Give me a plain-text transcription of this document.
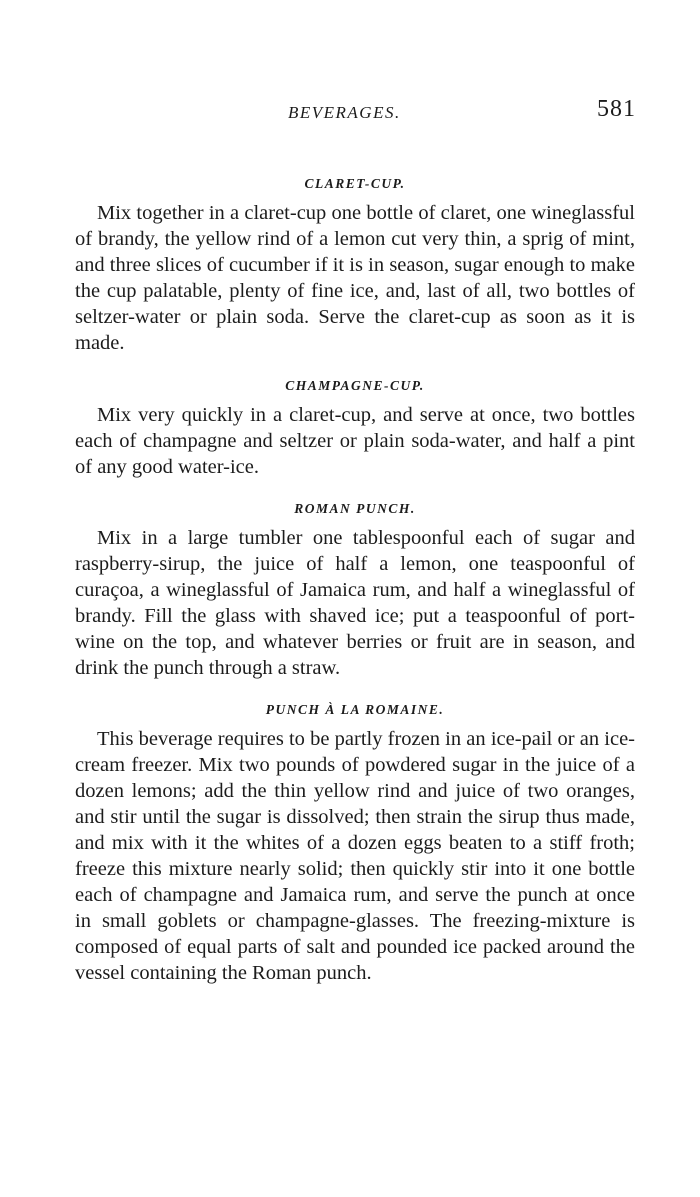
BEVERAGES.	581
CLARET-CUP.

Mix together in a claret-cup one bottle of claret, one wineglassful of brandy, the yellow rind of a lemon cut very thin, a sprig of mint, and three slices of cucumber if it is in season, sugar enough to make the cup palatable, plenty of fine ice, and, last of all, two bottles of seltzer-water or plain soda. Serve the claret-cup as soon as it is made.

CHAMPAGNE-CUP.

Mix very quickly in a claret-cup, and serve at once, two bottles each of champagne and seltzer or plain soda-water, and half a pint of any good water-ice.

ROMAN PUNCH.

Mix in a large tumbler one tablespoonful each of sugar and raspberry-sirup, the juice of half a lemon, one teaspoonful of curaçoa, a wineglassful of Jamaica rum, and half a wineglassful of brandy. Fill the glass with shaved ice; put a teaspoonful of port-wine on the top, and whatever berries or fruit are in season, and drink the punch through a straw.

PUNCH À LA ROMAINE.

This beverage requires to be partly frozen in an ice-pail or an ice-cream freezer. Mix two pounds of powdered sugar in the juice of a dozen lemons; add the thin yellow rind and juice of two oranges, and stir until the sugar is dissolved; then strain the sirup thus made, and mix with it the whites of a dozen eggs beaten to a stiff froth; freeze this mixture nearly solid; then quickly stir into it one bottle each of champagne and Jamaica rum, and serve the punch at once in small goblets or champagne-glasses. The freezing-mixture is composed of equal parts of salt and pounded ice packed around the vessel containing the Roman punch.
